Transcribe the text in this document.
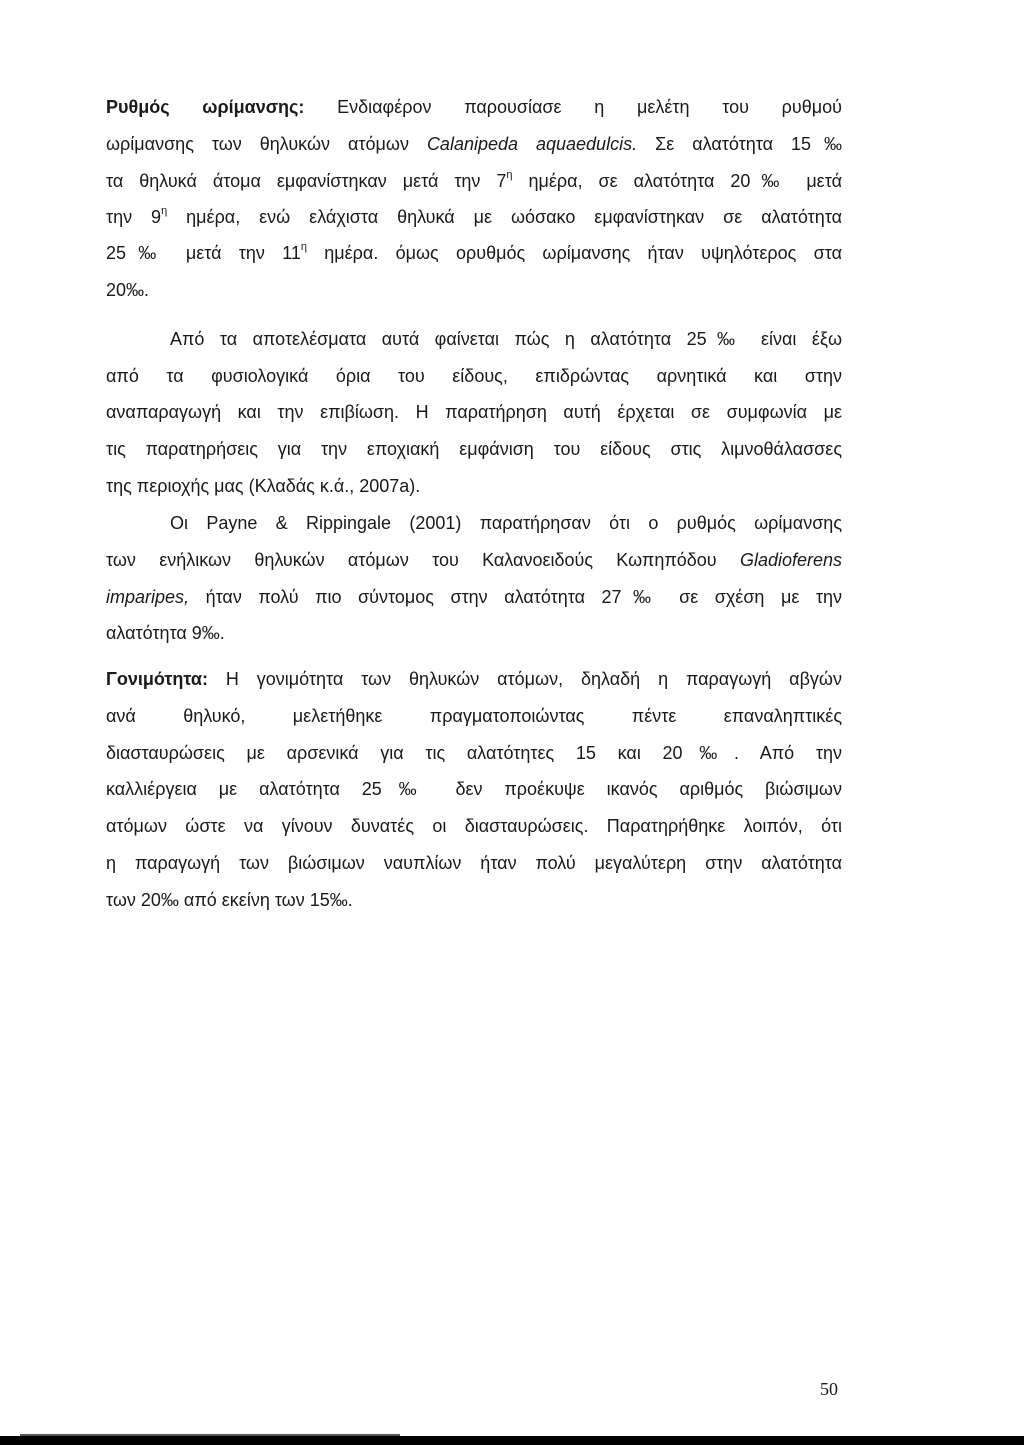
Ρυθμός ωρίμανσης: Ενδιαφέρον παρουσίασε η μελέτη του ρυθμού
ωρίμανσης των θηλυκών ατόμων Calanipeda aquaedulcis. Σε αλατότητα 15‰
τα θηλυκά άτομα εμφανίστηκαν μετά την $7^\eta$ ημέρα, σε αλατότητα 20‰ μετά
την $9^\eta$ ημέρα, ενώ ελάχιστα θηλυκά με ωόσακο εμφανίστηκαν σε αλατότητα
25‰ μετά την $11^\eta$ ημέρα. όμως ορυθμός ωρίμανσης ήταν υψηλότερος στα
20‰.
Από τα αποτελέσματα αυτά φαίνεται πώς η αλατότητα 25‰ είναι έξω
από τα φυσιολογικά όρια του είδους, επιδρώντας αρνητικά και στην
αναπαραγωγή και την επιβίωση. Η παρατήρηση αυτή έρχεται σε συμφωνία με
τις παρατηρήσεις για την εποχιακή εμφάνιση του είδους στις λιμνοθάλασσες
της περιοχής μας (Κλαδάς κ.ά., 2007a).
Οι Payne & Rippingale (2001) παρατήρησαν ότι ο ρυθμός ωρίμανσης
των ενήλικων θηλυκών ατόμων του Καλανοειδούς Κωπηπόδου Gladioferens
imparipes, ήταν πολύ πιο σύντομος στην αλατότητα 27‰ σε σχέση με την
αλατότητα 9‰.
Γονιμότητα: Η γονιμότητα των θηλυκών ατόμων, δηλαδή η παραγωγή αβγών
ανά θηλυκό, μελετήθηκε πραγματοποιώντας πέντε επαναληπτικές
διασταυρώσεις με αρσενικά για τις αλατότητες 15 και 20‰. Από την
καλλιέργεια με αλατότητα 25‰ δεν προέκυψε ικανός αριθμός βιώσιμων
ατόμων ώστε να γίνουν δυνατές οι διασταυρώσεις. Παρατηρήθηκε λοιπόν, ότι
η παραγωγή των βιώσιμων ναυπλίων ήταν πολύ μεγαλύτερη στην αλατότητα
των 20‰ από εκείνη των 15‰.
50
